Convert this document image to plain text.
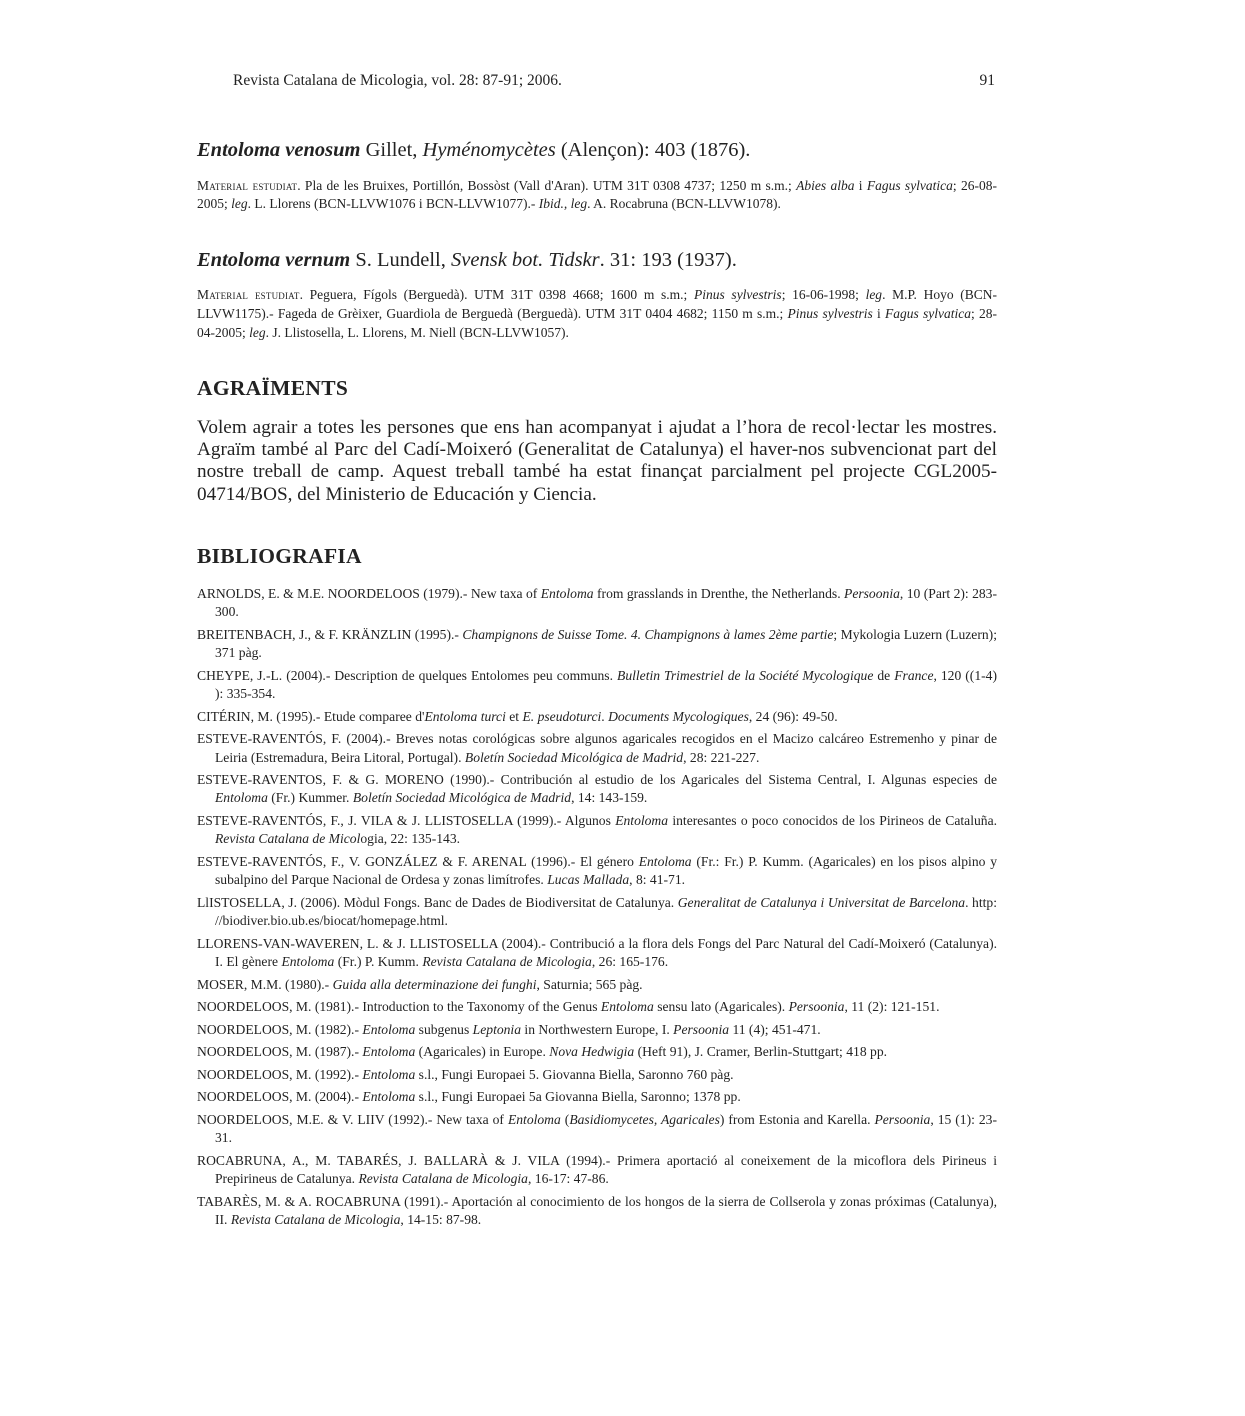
Revista Catalana de Micologia, vol. 28: 87-91; 2006.	91

Entoloma venosum Gillet, Hyménomycètes (Alençon): 403 (1876).

Material estudiat. Pla de les Bruixes, Portillón, Bossòst (Vall d'Aran). UTM 31T 0308 4737; 1250 m s.m.; Abies alba i Fagus sylvatica; 26-08-2005; leg. L. Llorens (BCN-LLVW1076 i BCN-LLVW1077).- Ibid., leg. A. Rocabruna (BCN-LLVW1078).

Entoloma vernum S. Lundell, Svensk bot. Tidskr. 31: 193 (1937).

Material estudiat. Peguera, Fígols (Berguedà). UTM 31T 0398 4668; 1600 m s.m.; Pinus sylvestris; 16-06-1998; leg. M.P. Hoyo (BCN-LLVW1175).- Fageda de Grèixer, Guardiola de Berguedà (Berguedà). UTM 31T 0404 4682; 1150 m s.m.; Pinus sylvestris i Fagus sylvatica; 28-04-2005; leg. J. Llistosella, L. Llorens, M. Niell (BCN-LLVW1057).

AGRAÏMENTS

Volem agrair a totes les persones que ens han acompanyat i ajudat a l’hora de recol·lectar les mostres. Agraïm també al Parc del Cadí-Moixeró (Generalitat de Catalunya) el haver-nos subvencionat part del nostre treball de camp. Aquest treball també ha estat finançat parcialment pel projecte CGL2005-04714/BOS, del Ministerio de Educación y Ciencia.

BIBLIOGRAFIA
ARNOLDS, E. & M.E. NOORDELOOS (1979).- New taxa of Entoloma from grasslands in Drenthe, the Netherlands. Persoonia, 10 (Part 2): 283-300.
BREITENBACH, J., & F. KRÄNZLIN (1995).- Champignons de Suisse Tome. 4. Champignons à lames 2ème partie; Mykologia Luzern (Luzern); 371 pàg.
CHEYPE, J.-L. (2004).- Description de quelques Entolomes peu communs. Bulletin Trimestriel de la Société Mycologique de France, 120 ((1-4) ): 335-354.
CITÉRIN, M. (1995).- Etude comparee d'Entoloma turci et E. pseudoturci. Documents Mycologiques, 24 (96): 49-50.
ESTEVE-RAVENTÓS, F. (2004).- Breves notas corológicas sobre algunos agaricales recogidos en el Macizo calcáreo Estremenho y pinar de Leiria (Estremadura, Beira Litoral, Portugal). Boletín Sociedad Micológica de Madrid, 28: 221-227.
ESTEVE-RAVENTOS, F. & G. MORENO (1990).- Contribución al estudio de los Agaricales del Sistema Central, I. Algunas especies de Entoloma (Fr.) Kummer. Boletín Sociedad Micológica de Madrid, 14: 143-159.
ESTEVE-RAVENTÓS, F., J. VILA & J. LLISTOSELLA (1999).- Algunos Entoloma interesantes o poco conocidos de los Pirineos de Cataluña. Revista Catalana de Micologia, 22: 135-143.
ESTEVE-RAVENTÓS, F., V. GONZÁLEZ & F. ARENAL (1996).- El género Entoloma (Fr.: Fr.) P. Kumm. (Agaricales) en los pisos alpino y subalpino del Parque Nacional de Ordesa y zonas limítrofes. Lucas Mallada, 8: 41-71.
LlISTOSELLA, J. (2006). Mòdul Fongs. Banc de Dades de Biodiversitat de Catalunya. Generalitat de Catalunya i Universitat de Barcelona. http: //biodiver.bio.ub.es/biocat/homepage.html.
LLORENS-VAN-WAVEREN, L. & J. LLISTOSELLA (2004).- Contribució a la flora dels Fongs del Parc Natural del Cadí-Moixeró (Catalunya). I. El gènere Entoloma (Fr.) P. Kumm. Revista Catalana de Micologia, 26: 165-176.
MOSER, M.M. (1980).- Guida alla determinazione dei funghi, Saturnia; 565 pàg.
NOORDELOOS, M. (1981).- Introduction to the Taxonomy of the Genus Entoloma sensu lato (Agaricales). Persoonia, 11 (2): 121-151.
NOORDELOOS, M. (1982).- Entoloma subgenus Leptonia in Northwestern Europe, I. Persoonia 11 (4); 451-471.
NOORDELOOS, M. (1987).- Entoloma (Agaricales) in Europe. Nova Hedwigia (Heft 91), J. Cramer, Berlin-Stuttgart; 418 pp.
NOORDELOOS, M. (1992).- Entoloma s.l., Fungi Europaei 5. Giovanna Biella, Saronno 760 pàg.
NOORDELOOS, M. (2004).- Entoloma s.l., Fungi Europaei 5a Giovanna Biella, Saronno; 1378 pp.
NOORDELOOS, M.E. & V. LIIV (1992).- New taxa of Entoloma (Basidiomycetes, Agaricales) from Estonia and Karella. Persoonia, 15 (1): 23-31.
ROCABRUNA, A., M. TABARÉS, J. BALLARÀ & J. VILA (1994).- Primera aportació al coneixement de la micoflora dels Pirineus i Prepirineus de Catalunya. Revista Catalana de Micologia, 16-17: 47-86.
TABARÈS, M. & A. ROCABRUNA (1991).- Aportación al conocimiento de los hongos de la sierra de Collserola y zonas próximas (Catalunya), II. Revista Catalana de Micologia, 14-15: 87-98.
